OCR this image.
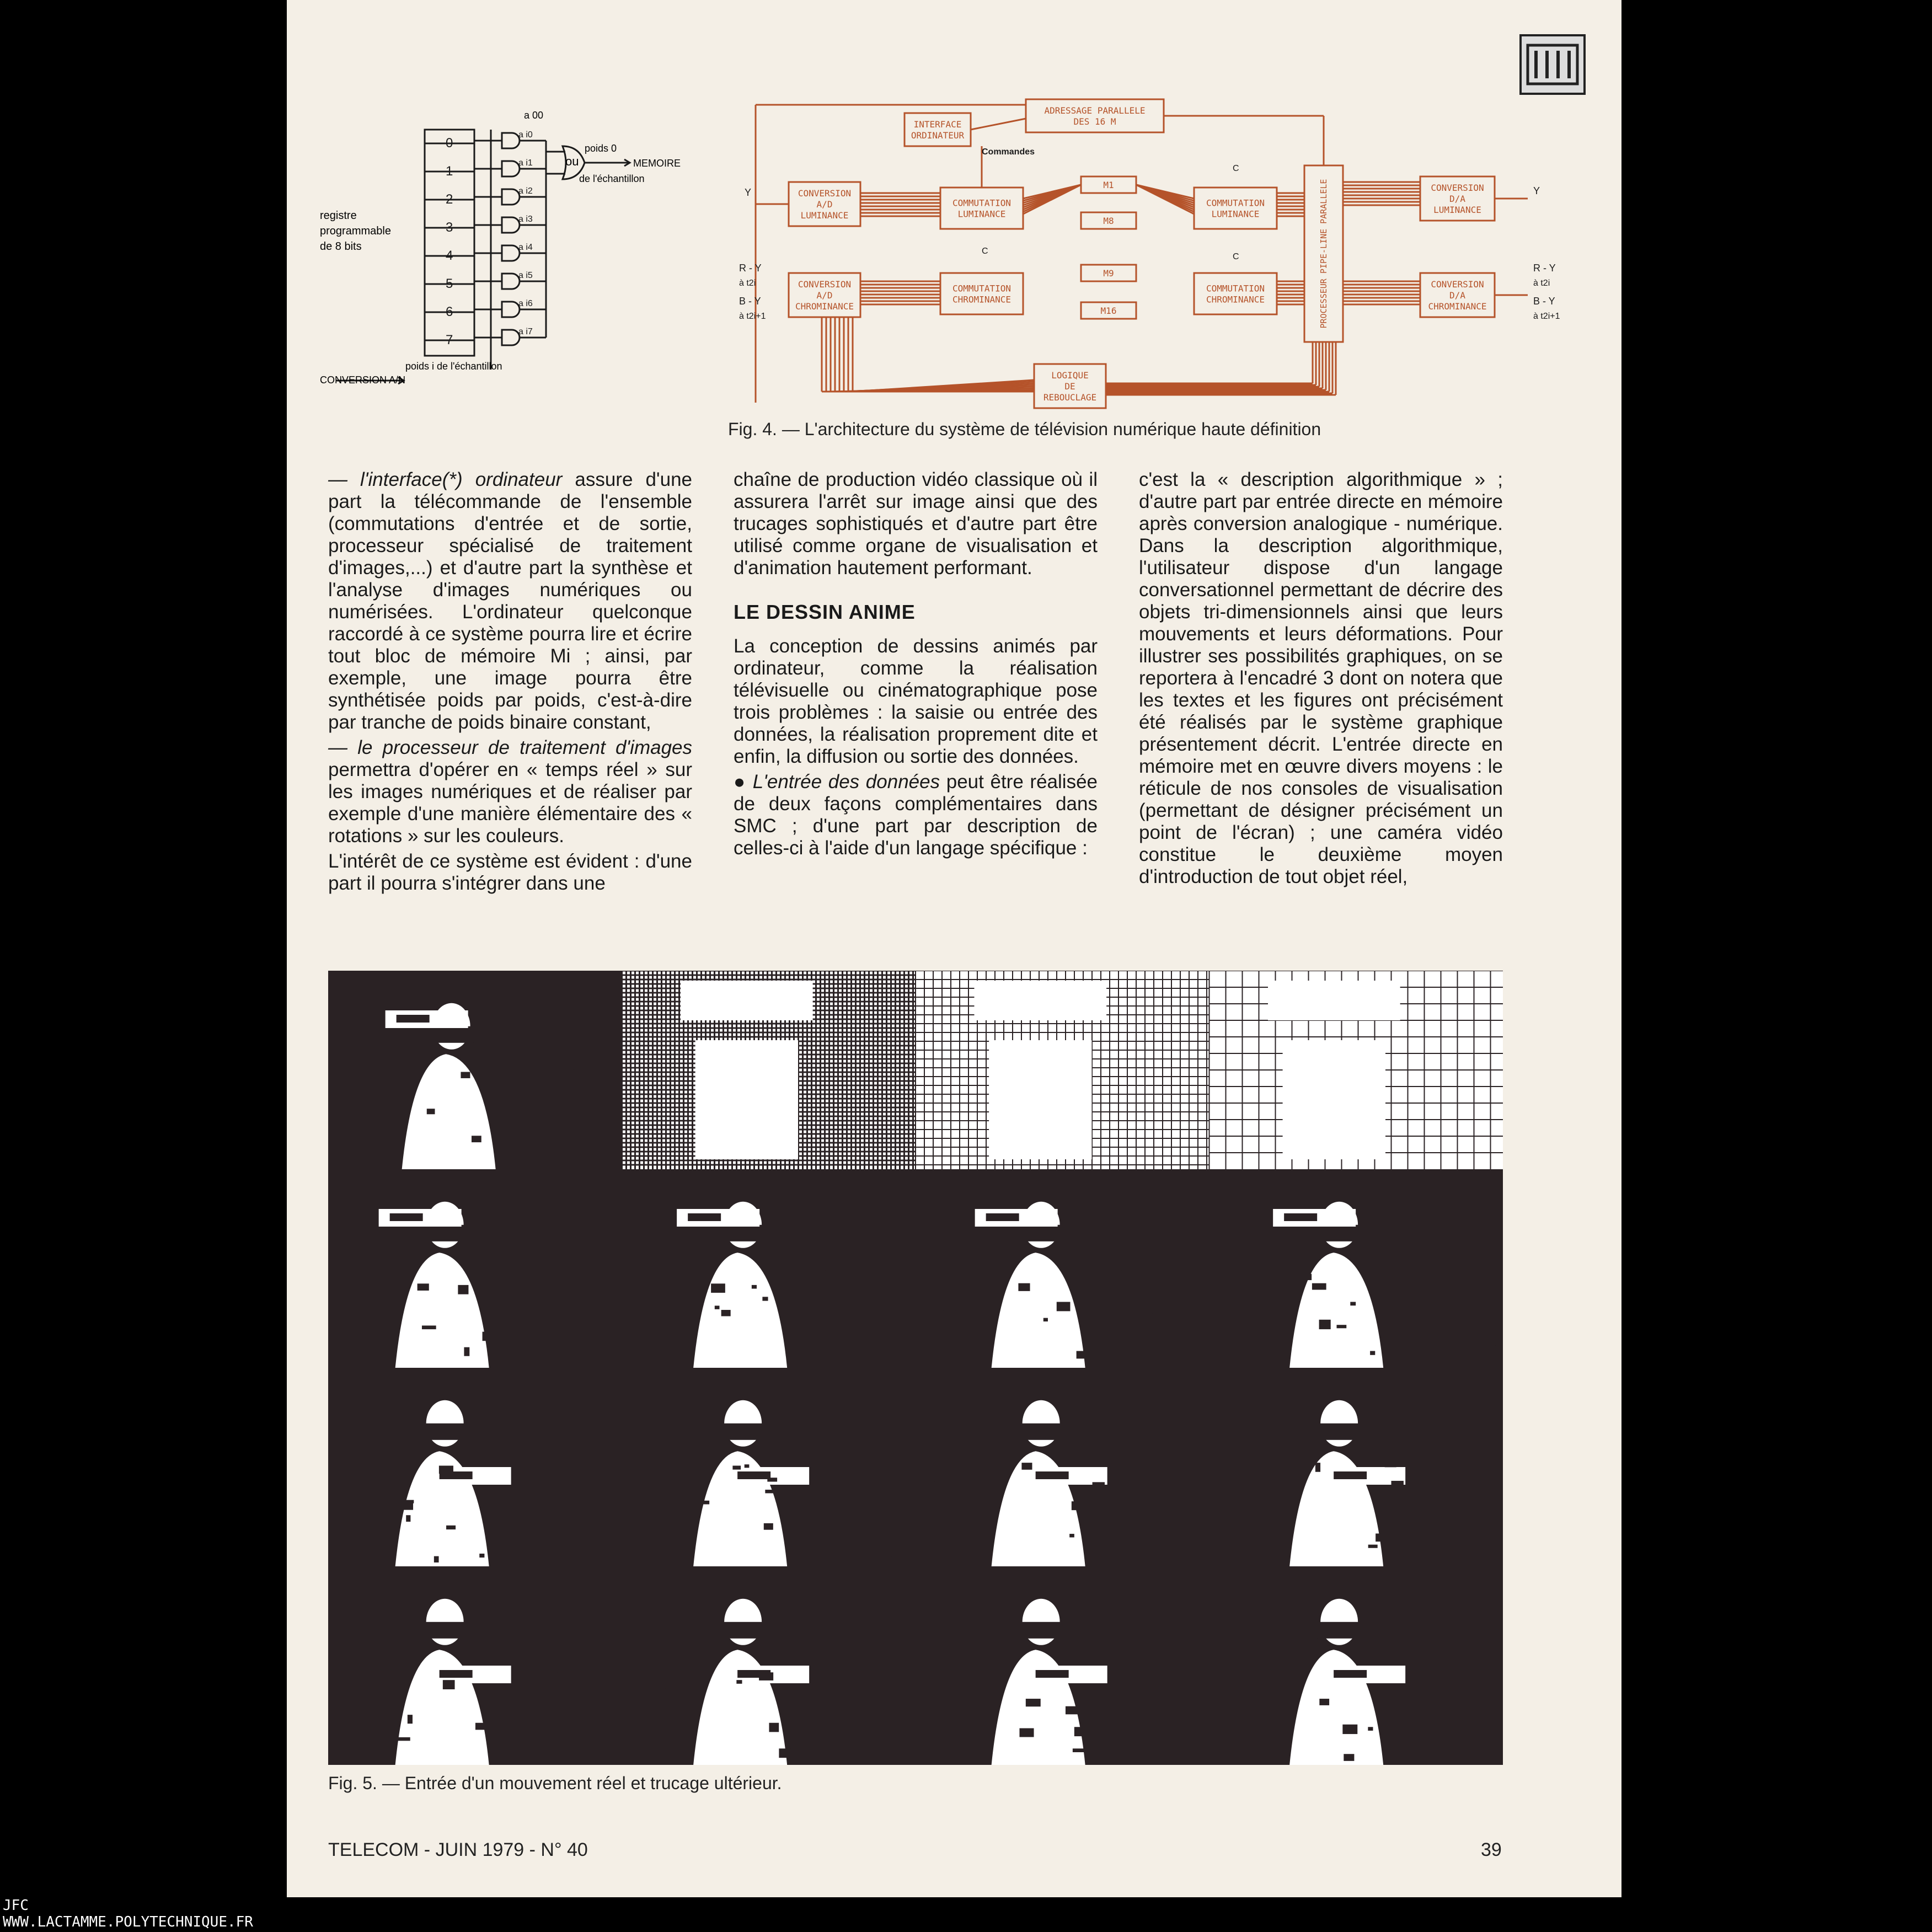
0
a i0
1
a i1
2
a i2
3
a i3
4
a i4
5
a i5
6
a i6
7
a i7
registre
programmable
de 8 bits
ou
poids 0
de l'échantillon
MEMOIRE
poids i de l'échantillon
CONVERSION A/N
a 00
INTERFACE
ORDINATEUR
ADRESSAGE PARALLELE
DES 16 M
CONVERSION
A/D
LUMINANCE
CONVERSION
A/D
CHROMINANCE
COMMUTATION
LUMINANCE
COMMUTATION
CHROMINANCE
M1
M8
M9
M16
COMMUTATION
LUMINANCE
COMMUTATION
CHROMINANCE	PROCESSEUR PIPE-LINE PARALLELE	CONVERSION
D/A
LUMINANCE
CONVERSION
D/A
CHROMINANCE
LOGIQUE
DE
REBOUCLAGE
Commandes
C
C
C
Y
R - Y
à t2i
B - Y
à t2i+1
Y
R - Y
à t2i
B - Y
à t2i+1
Fig. 4. — L'architecture du système de télévision numérique haute définition

— l'interface(*) ordinateur assure d'une part la télécommande de l'ensemble (commutations d'entrée et de sortie, processeur spécialisé de traitement d'images,...) et d'autre part la synthèse et l'analyse d'images numériques ou numérisées. L'ordinateur quelconque raccordé à ce système pourra lire et écrire tout bloc de mémoire Mi ; ainsi, par exemple, une image pourra être synthétisée poids par poids, c'est-à-dire par tranche de poids binaire constant,

— le processeur de traitement d'images permettra d'opérer en « temps réel » sur les images numériques et de réaliser par exemple d'une manière élémentaire des « rotations » sur les couleurs.

L'intérêt de ce système est évident : d'une part il pourra s'intégrer dans une

chaîne de production vidéo classique où il assurera l'arrêt sur image ainsi que des trucages sophistiqués et d'autre part être utilisé comme organe de visualisation et d'animation hautement performant.

LE DESSIN ANIME

La conception de dessins animés par ordinateur, comme la réalisation télévisuelle ou cinématographique pose trois problèmes : la saisie ou entrée des données, la réalisation proprement dite et enfin, la diffusion ou sortie des données.

● L'entrée des données peut être réalisée de deux façons complémentaires dans SMC ; d'une part par description de celles-ci à l'aide d'un langage spécifique :

c'est la « description algorithmique » ; d'autre part par entrée directe en mémoire après conversion analogique - numérique. Dans la description algorithmique, l'utilisateur dispose d'un langage conversationnel permettant de décrire des objets tri-dimensionnels ainsi que leurs mouvements et leurs déformations. Pour illustrer ses possibilités graphiques, on se reportera à l'encadré 3 dont on notera que les textes et les figures ont précisément été réalisés par le système graphique présentement décrit. L'entrée directe en mémoire met en œuvre divers moyens : le réticule de nos consoles de visualisation (permettant de désigner précisément un point de l'écran) ; une caméra vidéo constitue le deuxième moyen d'introduction de tout objet réel,

Fig. 5. — Entrée d'un mouvement réel et trucage ultérieur.
TELECOM - JUIN 1979 - N° 40	39
JFC
WWW.LACTAMME.POLYTECHNIQUE.FR
